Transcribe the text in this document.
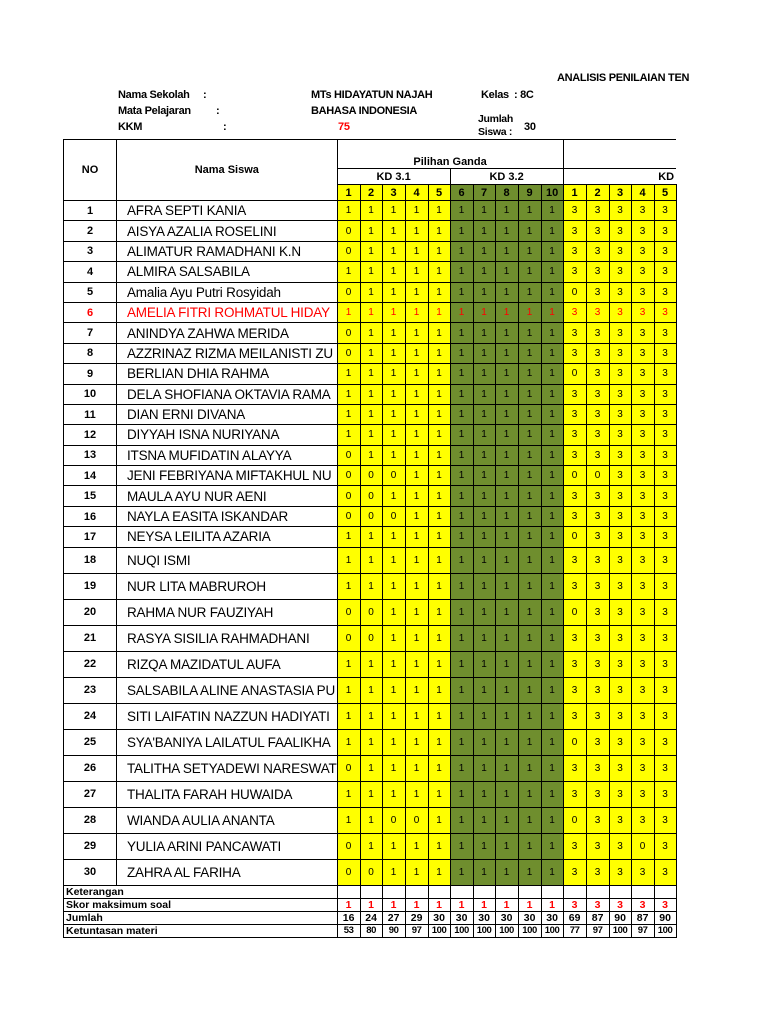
ANALISIS PENILAIAN TEN
Nama Sekolah :	MTs HIDAYATUN NAJAH	Kelas : 8C
Mata Pelajaran :	BAHASA INDONESIA
Jumlah
Siswa : 30
KKM	:	75
NO	Nama Siswa															
		Pilihan Ganda														
		KD 3.1					KD 3.2					KD				
		1	2	3	4	5	6	7	8	9	10	1	2	3	4	5
1	AFRA SEPTI KANIA	1	1	1	1	1	1	1	1	1	1	3	3	3	3	3
2	AISYA AZALIA ROSELINI	0	1	1	1	1	1	1	1	1	1	3	3	3	3	3
3	ALIMATUR RAMADHANI K.N	0	1	1	1	1	1	1	1	1	1	3	3	3	3	3
4	ALMIRA SALSABILA	1	1	1	1	1	1	1	1	1	1	3	3	3	3	3
5	Amalia Ayu Putri Rosyidah	0	1	1	1	1	1	1	1	1	1	0	3	3	3	3
6	AMELIA FITRI ROHMATUL HIDAY	1	1	1	1	1	1	1	1	1	1	3	3	3	3	3
7	ANINDYA ZAHWA MERIDA	0	1	1	1	1	1	1	1	1	1	3	3	3	3	3
8	AZZRINAZ RIZMA MEILANISTI ZU	0	1	1	1	1	1	1	1	1	1	3	3	3	3	3
9	BERLIAN DHIA RAHMA	1	1	1	1	1	1	1	1	1	1	0	3	3	3	3
10	DELA SHOFIANA OKTAVIA RAMA	1	1	1	1	1	1	1	1	1	1	3	3	3	3	3
11	DIAN ERNI DIVANA	1	1	1	1	1	1	1	1	1	1	3	3	3	3	3
12	DIYYAH ISNA NURIYANA	1	1	1	1	1	1	1	1	1	1	3	3	3	3	3
13	ITSNA MUFIDATIN ALAYYA	0	1	1	1	1	1	1	1	1	1	3	3	3	3	3
14	JENI FEBRIYANA MIFTAKHUL NU	0	0	0	1	1	1	1	1	1	1	0	0	3	3	3
15	MAULA AYU NUR AENI	0	0	1	1	1	1	1	1	1	1	3	3	3	3	3
16	NAYLA EASITA ISKANDAR	0	0	0	1	1	1	1	1	1	1	3	3	3	3	3
17	NEYSA LEILITA AZARIA	1	1	1	1	1	1	1	1	1	1	0	3	3	3	3
18	NUQI ISMI	1	1	1	1	1	1	1	1	1	1	3	3	3	3	3
19	NUR LITA MABRUROH	1	1	1	1	1	1	1	1	1	1	3	3	3	3	3
20	RAHMA NUR FAUZIYAH	0	0	1	1	1	1	1	1	1	1	0	3	3	3	3
21	RASYA SISILIA RAHMADHANI	0	0	1	1	1	1	1	1	1	1	3	3	3	3	3
22	RIZQA MAZIDATUL AUFA	1	1	1	1	1	1	1	1	1	1	3	3	3	3	3
23	SALSABILA ALINE ANASTASIA PU	1	1	1	1	1	1	1	1	1	1	3	3	3	3	3
24	SITI LAIFATIN NAZZUN HADIYATI	1	1	1	1	1	1	1	1	1	1	3	3	3	3	3
25	SYA'BANIYA LAILATUL FAALIKHA	1	1	1	1	1	1	1	1	1	1	0	3	3	3	3
26	TALITHA SETYADEWI NARESWAT	0	1	1	1	1	1	1	1	1	1	3	3	3	3	3
27	THALITA FARAH HUWAIDA	1	1	1	1	1	1	1	1	1	1	3	3	3	3	3
28	WIANDA AULIA ANANTA	1	1	0	0	1	1	1	1	1	1	0	3	3	3	3
29	YULIA ARINI PANCAWATI	0	1	1	1	1	1	1	1	1	1	3	3	3	0	3
30	ZAHRA AL FARIHA	0	0	1	1	1	1	1	1	1	1	3	3	3	3	3
Keterangan																
Skor maksimum soal		1	1	1	1	1	1	1	1	1	1	3	3	3	3	3
Jumlah		16	24	27	29	30	30	30	30	30	30	69	87	90	87	90
Ketuntasan materi		53	80	90	97	100	100	100	100	100	100	77	97	100	97	100
